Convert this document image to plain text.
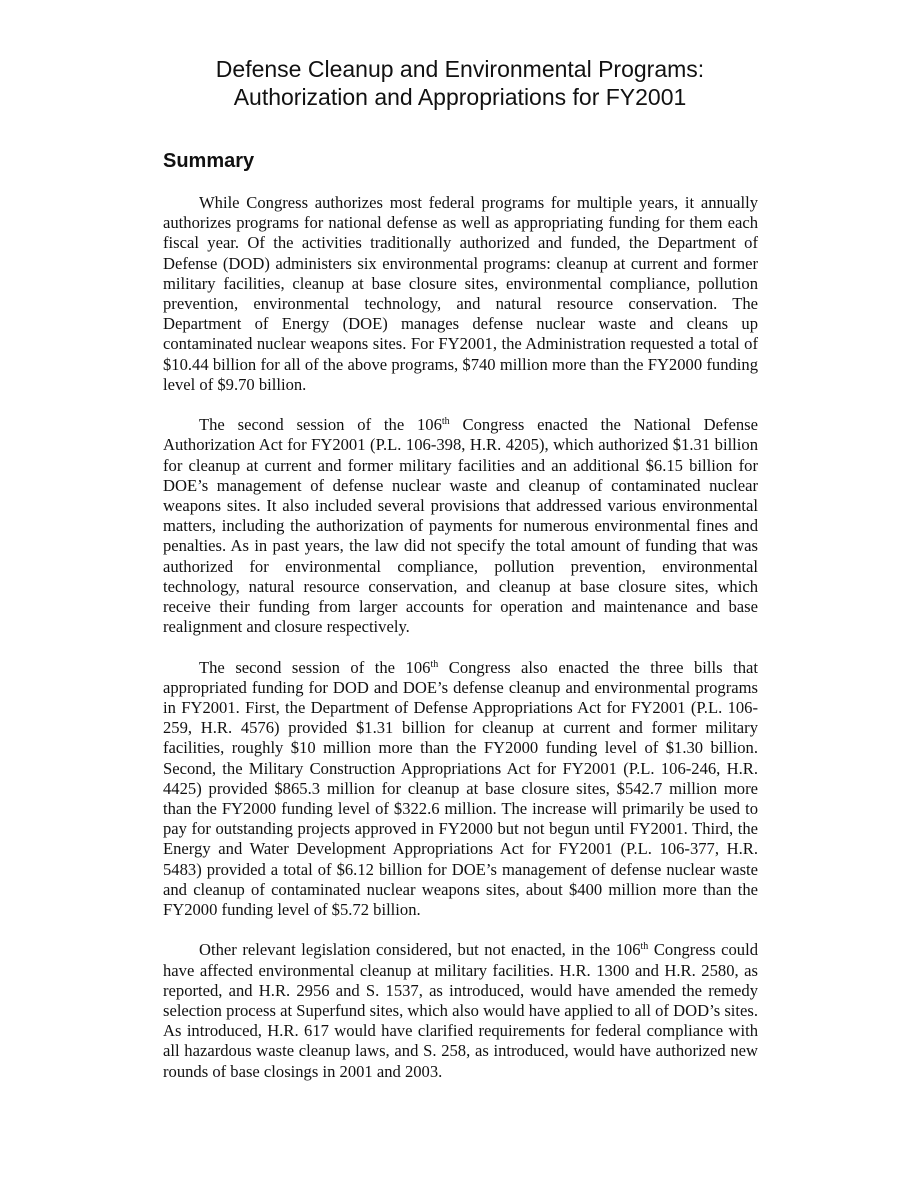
Defense Cleanup and Environmental Programs:
Authorization and Appropriations for FY2001
Summary

While Congress authorizes most federal programs for multiple years, it annually authorizes programs for national defense as well as appropriating funding for them each fiscal year. Of the activities traditionally authorized and funded, the Department of Defense (DOD) administers six environmental programs: cleanup at current and former military facilities, cleanup at base closure sites, environmental compliance, pollution prevention, environmental technology, and natural resource conservation. The Department of Energy (DOE) manages defense nuclear waste and cleans up contaminated nuclear weapons sites. For FY2001, the Administration requested a total of $10.44 billion for all of the above programs, $740 million more than the FY2000 funding level of $9.70 billion.

The second session of the 106th Congress enacted the National Defense Authorization Act for FY2001 (P.L. 106-398, H.R. 4205), which authorized $1.31 billion for cleanup at current and former military facilities and an additional $6.15 billion for DOE’s management of defense nuclear waste and cleanup of contaminated nuclear weapons sites. It also included several provisions that addressed various environmental matters, including the authorization of payments for numerous environmental fines and penalties. As in past years, the law did not specify the total amount of funding that was authorized for environmental compliance, pollution prevention, environmental technology, natural resource conservation, and cleanup at base closure sites, which receive their funding from larger accounts for operation and maintenance and base realignment and closure respectively.

The second session of the 106th Congress also enacted the three bills that appropriated funding for DOD and DOE’s defense cleanup and environmental programs in FY2001. First, the Department of Defense Appropriations Act for FY2001 (P.L. 106-259, H.R. 4576) provided $1.31 billion for cleanup at current and former military facilities, roughly $10 million more than the FY2000 funding level of $1.30 billion. Second, the Military Construction Appropriations Act for FY2001 (P.L. 106-246, H.R. 4425) provided $865.3 million for cleanup at base closure sites, $542.7 million more than the FY2000 funding level of $322.6 million. The increase will primarily be used to pay for outstanding projects approved in FY2000 but not begun until FY2001. Third, the Energy and Water Development Appropriations Act for FY2001 (P.L. 106-377, H.R. 5483) provided a total of $6.12 billion for DOE’s management of defense nuclear waste and cleanup of contaminated nuclear weapons sites, about $400 million more than the FY2000 funding level of $5.72 billion.

Other relevant legislation considered, but not enacted, in the 106th Congress could have affected environmental cleanup at military facilities. H.R. 1300 and H.R. 2580, as reported, and H.R. 2956 and S. 1537, as introduced, would have amended the remedy selection process at Superfund sites, which also would have applied to all of DOD’s sites. As introduced, H.R. 617 would have clarified requirements for federal compliance with all hazardous waste cleanup laws, and S. 258, as introduced, would have authorized new rounds of base closings in 2001 and 2003.
